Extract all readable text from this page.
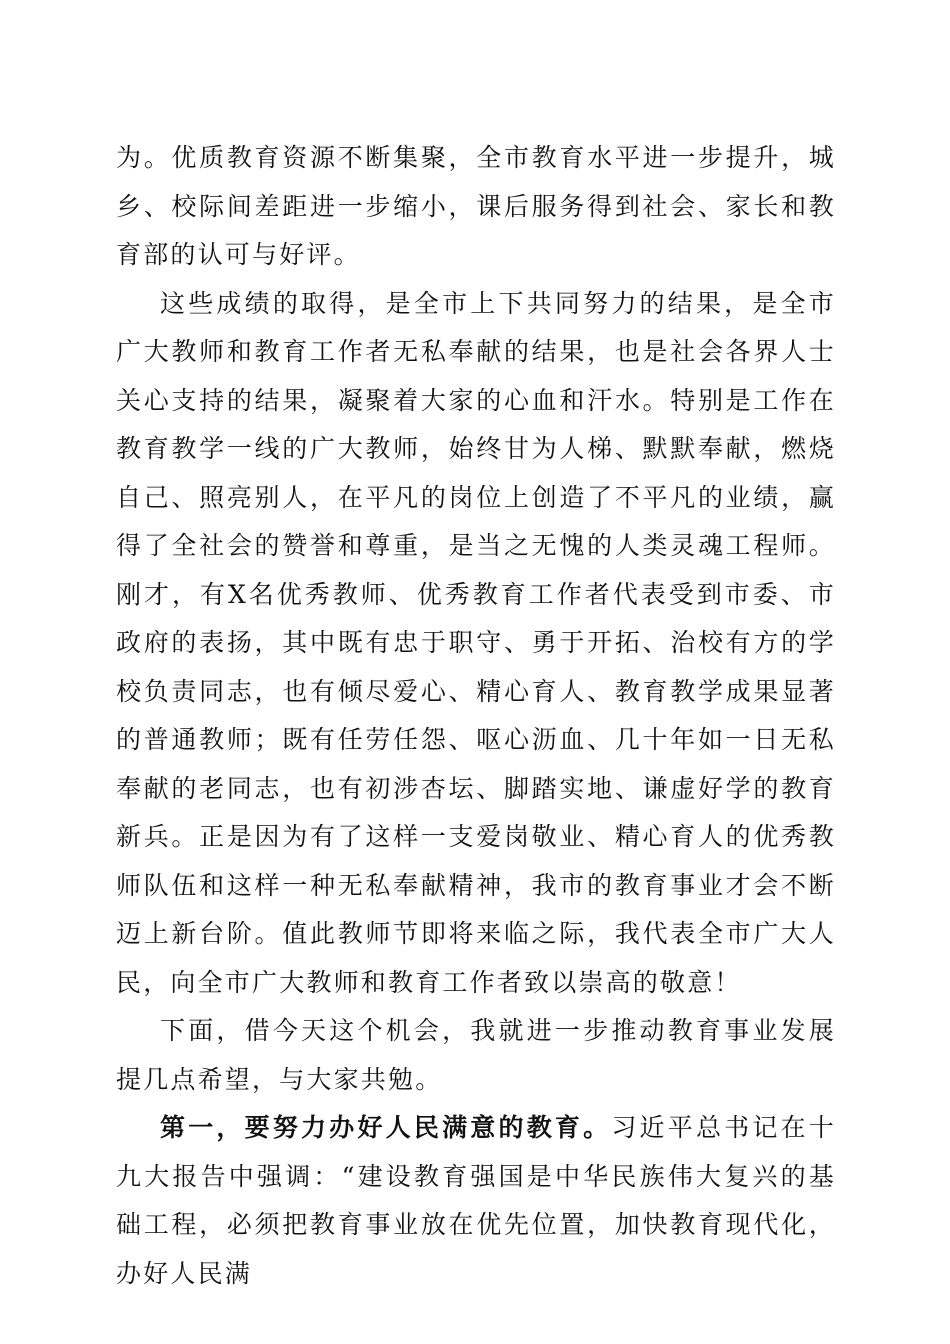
为。优质教育资源不断集聚，全市教育水平进一步提升，城乡、校际间差距进一步缩小，课后服务得到社会、家长和教育部的认可与好评。

这些成绩的取得，是全市上下共同努力的结果，是全市广大教师和教育工作者无私奉献的结果，也是社会各界人士关心支持的结果，凝聚着大家的心血和汗水。特别是工作在教育教学一线的广大教师，始终甘为人梯、默默奉献，燃烧自己、照亮别人，在平凡的岗位上创造了不平凡的业绩，赢得了全社会的赞誉和尊重，是当之无愧的人类灵魂工程师。刚才，有X名优秀教师、优秀教育工作者代表受到市委、市政府的表扬，其中既有忠于职守、勇于开拓、治校有方的学校负责同志，也有倾尽爱心、精心育人、教育教学成果显著的普通教师；既有任劳任怨、呕心沥血、几十年如一日无私奉献的老同志，也有初涉杏坛、脚踏实地、谦虚好学的教育新兵。正是因为有了这样一支爱岗敬业、精心育人的优秀教师队伍和这样一种无私奉献精神，我市的教育事业才会不断迈上新台阶。值此教师节即将来临之际，我代表全市广大人民，向全市广大教师和教育工作者致以崇高的敬意！

下面，借今天这个机会，我就进一步推动教育事业发展提几点希望，与大家共勉。

第一，要努力办好人民满意的教育。习近平总书记在十九大报告中强调：“建设教育强国是中华民族伟大复兴的基础工程，必须把教育事业放在优先位置，加快教育现代化，办好人民满
